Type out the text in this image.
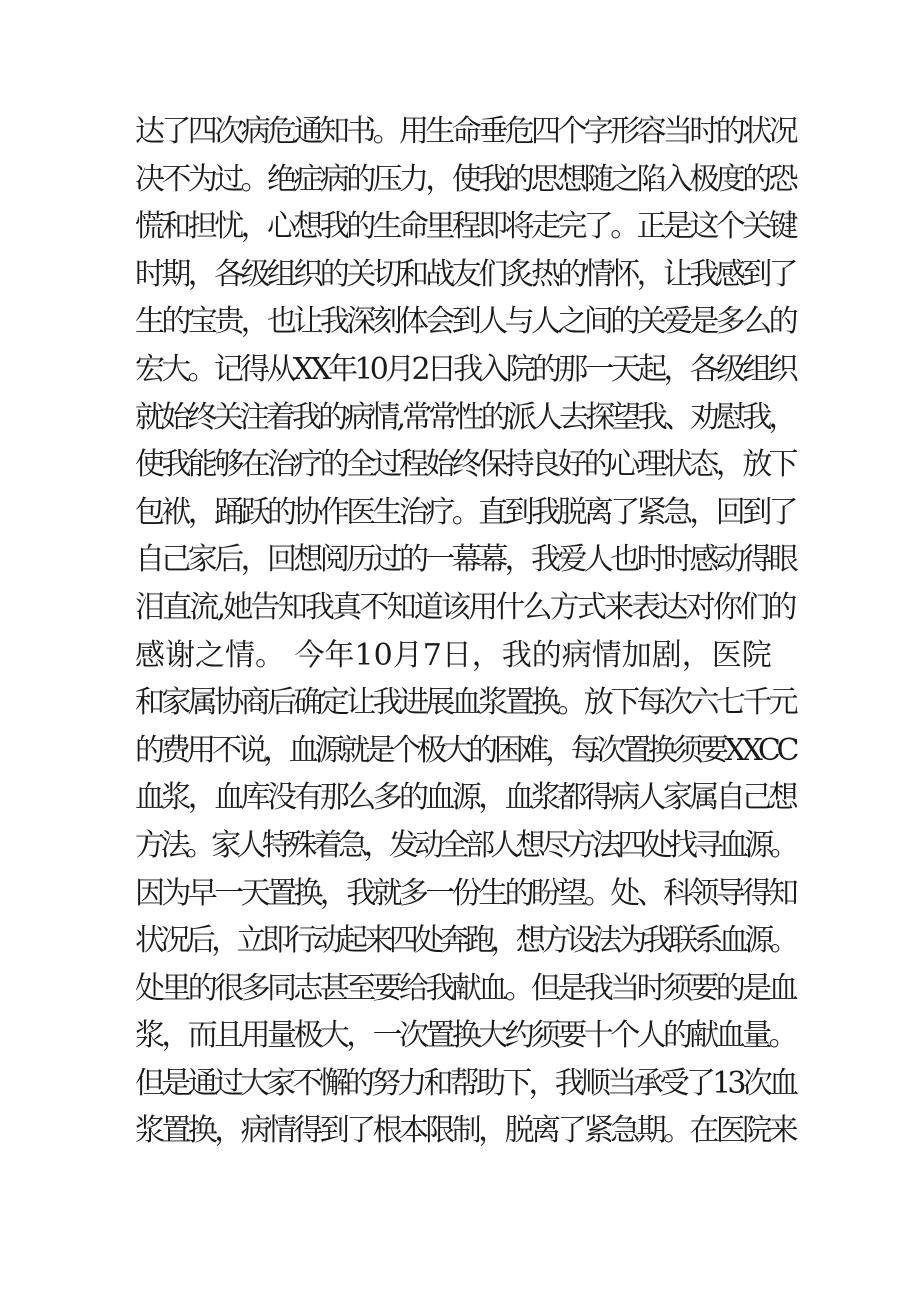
达了四次病危通知书。用生命垂危四个字形容当时的状况
决不为过。绝症病的压力，使我的思想随之陷入极度的恐
慌和担忧，心想我的生命里程即将走完了。正是这个关键
时期，各级组织的关切和战友们炙热的情怀，让我感到了
生的宝贵，也让我深刻体会到人与人之间的关爱是多么的
宏大。记得从XX年10月2日我入院的那一天起，各级组织
就始终关注着我的病情,常常性的派人去探望我、劝慰我，
使我能够在治疗的全过程始终保持良好的心理状态，放下
包袱，踊跃的协作医生治疗。直到我脱离了紧急，回到了
自己家后，回想阅历过的一幕幕，我爱人也时时感动得眼
泪直流,她告知我真不知道该用什么方式来表达对你们的
感谢之情。 今年10月7日，我的病情加剧，医院
和家属协商后确定让我进展血浆置换。放下每次六七千元
的费用不说，血源就是个极大的困难，每次置换须要XXCC
血浆，血库没有那么多的血源，血浆都得病人家属自己想
方法。家人特殊着急，发动全部人想尽方法四处找寻血源。
因为早一天置换，我就多一份生的盼望。处、科领导得知
状况后，立即行动起来四处奔跑，想方设法为我联系血源。
处里的很多同志甚至要给我献血。但是我当时须要的是血
浆，而且用量极大，一次置换大约须要十个人的献血量。
但是通过大家不懈的努力和帮助下，我顺当承受了13次血
浆置换，病情得到了根本限制，脱离了紧急期。在医院来
